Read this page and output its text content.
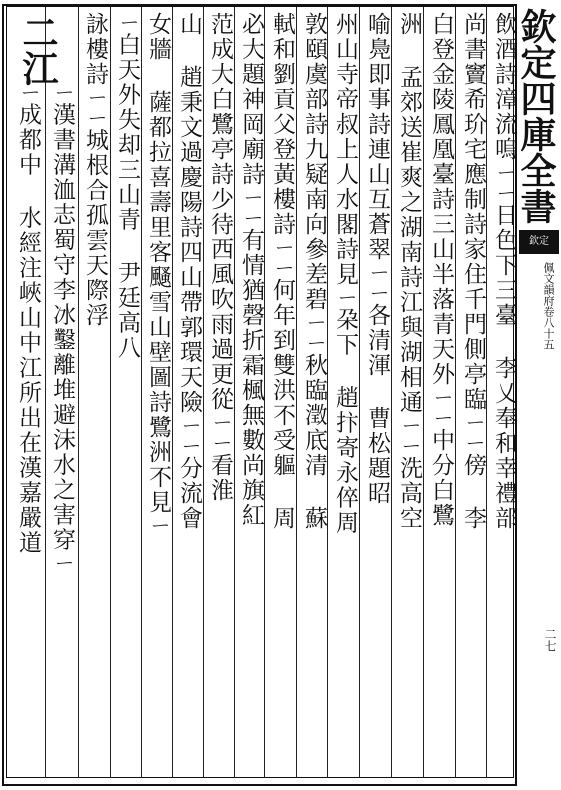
欽定四庫全書
欽定
佩文韻府卷八十五
二七
飲酒詩漳流嗚ㄧㄧ日色下三臺 李乂奉和幸禮部
尚書竇希玠宅應制詩家住千門側亭臨ㄧㄧ傍 李
白登金陵鳳凰臺詩三山半落青天外ㄧㄧ中分白鷺
洲 孟郊送崔爽之湖南詩江與湖相通ㄧㄧ洗高空
喻鳧即事詩連山互蒼翠ㄧㄧ各清渾 曹松題昭
州山寺帝叔上人水閣詩見ㄧ朶下 趙抃寄永倅周
敦頤虞部詩九疑南向參差碧ㄧㄧ秋臨澂底清 蘇
軾和劉貢父登黃樓詩ㄧㄧ何年到雙洪不受軀 周
必大題神岡廟詩ㄧㄧ有情猶磬折霜楓無數尚旗紅
范成大白鷺亭詩少待西風吹雨過更從ㄧㄧ看淮
山 趙秉文過慶陽詩四山帶郭環天險ㄧㄧ分流會
女牆 薩都拉喜壽里客颾雪山壁圖詩鷺洲不見ㄧ
ㄧ白天外失却三山青 尹廷高八
詠樓詩ㄧㄧ城根合孤雲天際浮
ㄧ漢書溝洫志蜀守李冰鑿離堆避沫水之害穿ㄧ
ㄧ成都中 水經注峽山中江所出在漢嘉嚴道
二江
